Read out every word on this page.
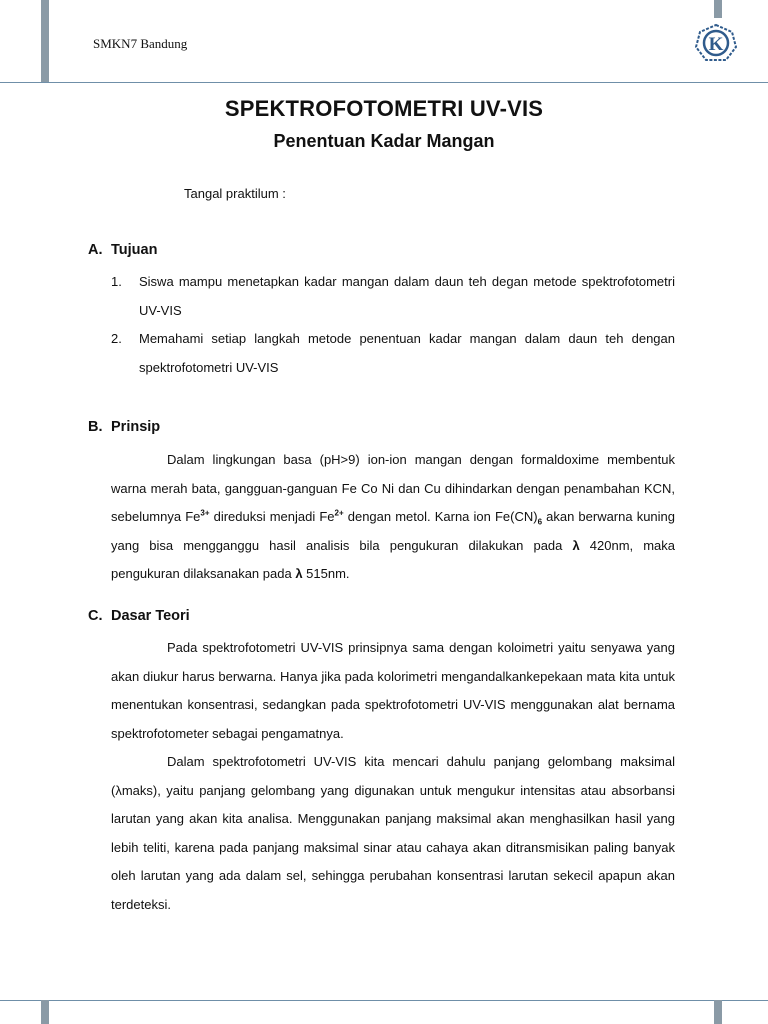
SMKN7 Bandung	K
SPEKTROFOTOMETRI UV-VIS
Penentuan Kadar Mangan
Tangal praktilum :
A. Tujuan
1. Siswa mampu menetapkan kadar mangan dalam daun teh degan metode spektrofotometri UV-VIS
2. Memahami setiap langkah metode penentuan kadar mangan dalam daun teh dengan spektrofotometri UV-VIS
B. Prinsip

Dalam lingkungan basa (pH>9) ion-ion mangan dengan formaldoxime membentuk warna merah bata, gangguan-ganguan Fe Co Ni dan Cu dihindarkan dengan penambahan KCN, sebelumnya $Fe^{3+}$ direduksi menjadi $Fe^{2+}$ dengan metol. Karna ion $Fe(CN)_6$ akan berwarna kuning yang bisa mengganggu hasil analisis bila pengukuran dilakukan pada λ 420nm, maka pengukuran dilaksanakan pada λ 515nm.

C. Dasar Teori

Pada spektrofotometri UV-VIS prinsipnya sama dengan koloimetri yaitu senyawa yang akan diukur harus berwarna. Hanya jika pada kolorimetri mengandalkankepekaan mata kita untuk menentukan konsentrasi, sedangkan pada spektrofotometri UV-VIS menggunakan alat bernama spektrofotometer sebagai pengamatnya.

Dalam spektrofotometri UV-VIS kita mencari dahulu panjang gelombang maksimal (λmaks), yaitu panjang gelombang yang digunakan untuk mengukur intensitas atau absorbansi larutan yang akan kita analisa. Menggunakan panjang maksimal akan menghasilkan hasil yang lebih teliti, karena pada panjang maksimal sinar atau cahaya akan ditransmisikan paling banyak oleh larutan yang ada dalam sel, sehingga perubahan konsentrasi larutan sekecil apapun akan terdeteksi.
